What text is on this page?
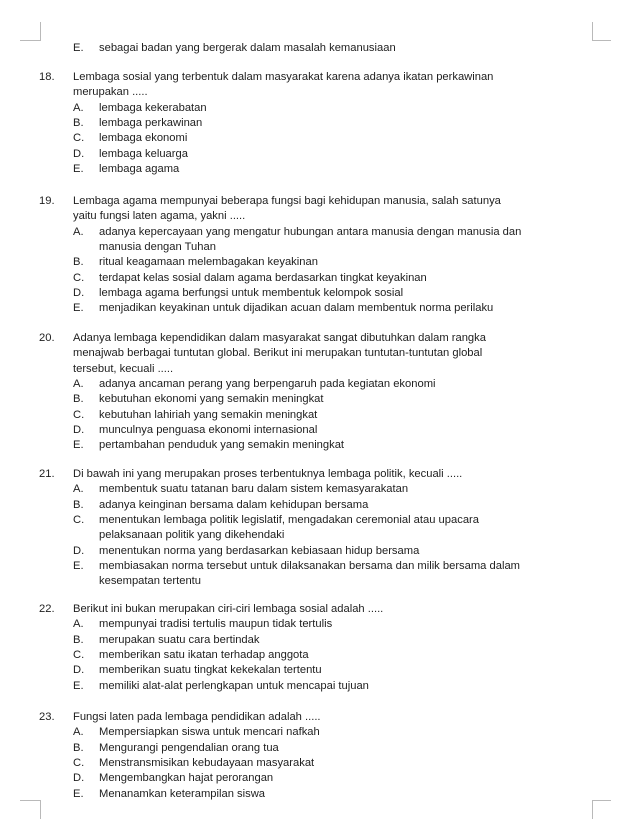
E. sebagai badan yang bergerak dalam masalah kemanusiaan
18. Lembaga sosial yang terbentuk dalam masyarakat karena adanya ikatan perkawinan
merupakan .....
A. lembaga kekerabatan
B. lembaga perkawinan
C. lembaga ekonomi
D. lembaga keluarga
E. lembaga agama
19. Lembaga agama mempunyai beberapa fungsi bagi kehidupan manusia, salah satunya
yaitu fungsi laten agama, yakni .....
A. adanya kepercayaan yang mengatur hubungan antara manusia dengan manusia dan
manusia dengan Tuhan
B. ritual keagamaan melembagakan keyakinan
C. terdapat kelas sosial dalam agama berdasarkan tingkat keyakinan
D. lembaga agama berfungsi untuk membentuk kelompok sosial
E. menjadikan keyakinan untuk dijadikan acuan dalam membentuk norma perilaku
20. Adanya lembaga kependidikan dalam masyarakat sangat dibutuhkan dalam rangka
menajwab berbagai tuntutan global. Berikut ini merupakan tuntutan-tuntutan global
tersebut, kecuali .....
A. adanya ancaman perang yang berpengaruh pada kegiatan ekonomi
B. kebutuhan ekonomi yang semakin meningkat
C. kebutuhan lahiriah yang semakin meningkat
D. munculnya penguasa ekonomi internasional
E. pertambahan penduduk yang semakin meningkat
21. Di bawah ini yang merupakan proses terbentuknya lembaga politik, kecuali .....
A. membentuk suatu tatanan baru dalam sistem kemasyarakatan
B. adanya keinginan bersama dalam kehidupan bersama
C. menentukan lembaga politik legislatif, mengadakan ceremonial atau upacara
pelaksanaan politik yang dikehendaki
D. menentukan norma yang berdasarkan kebiasaan hidup bersama
E. membiasakan norma tersebut untuk dilaksanakan bersama dan milik bersama dalam
kesempatan tertentu
22. Berikut ini bukan merupakan ciri-ciri lembaga sosial adalah .....
A. mempunyai tradisi tertulis maupun tidak tertulis
B. merupakan suatu cara bertindak
C. memberikan satu ikatan terhadap anggota
D. memberikan suatu tingkat kekekalan tertentu
E. memiliki alat-alat perlengkapan untuk mencapai tujuan
23. Fungsi laten pada lembaga pendidikan adalah .....
A. Mempersiapkan siswa untuk mencari nafkah
B. Mengurangi pengendalian orang tua
C. Menstransmisikan kebudayaan masyarakat
D. Mengembangkan hajat perorangan
E. Menanamkan keterampilan siswa
